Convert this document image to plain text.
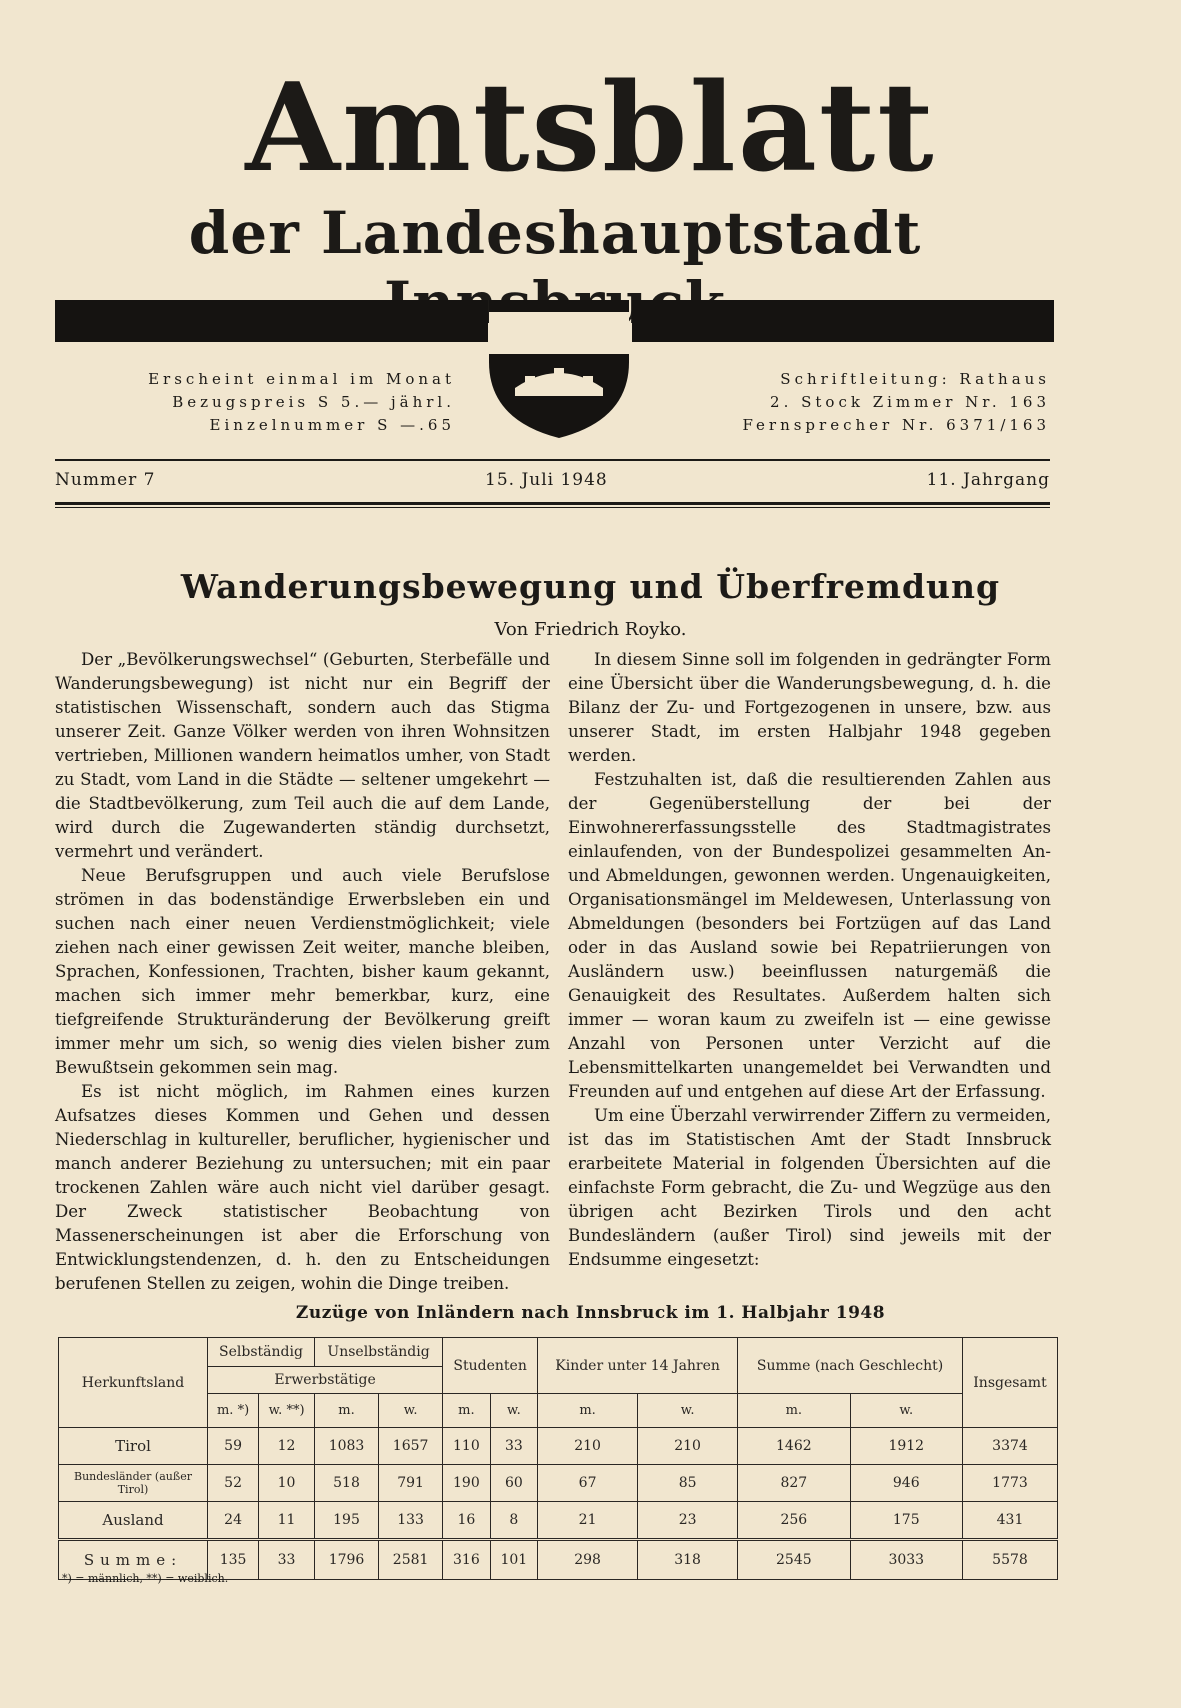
Amtsblatt
der Landeshauptstadt
Erscheint einmal im Monat
Bezugspreis S 5.— jährl.
Einzelnummer S —.65
Schriftleitung: Rathaus
2. Stock Zimmer Nr. 163
Fernsprecher Nr. 6371/163
Nummer 7	15. Juli 1948	11. Jahrgang
Wanderungsbewegung und Überfremdung
Von Friedrich Royko.

Der „Bevölkerungswechsel“ (Geburten, Sterbefälle und Wanderungsbewegung) ist nicht nur ein Begriff der statistischen Wissenschaft, sondern auch das Stigma unserer Zeit. Ganze Völker werden von ihren Wohnsitzen vertrieben, Millionen wandern heimatlos umher, von Stadt zu Stadt, vom Land in die Städte — seltener umgekehrt — die Stadtbevölkerung, zum Teil auch die auf dem Lande, wird durch die Zugewanderten ständig durchsetzt, vermehrt und verändert.

Neue Berufsgruppen und auch viele Berufslose strömen in das bodenständige Erwerbsleben ein und suchen nach einer neuen Verdienstmöglichkeit; viele ziehen nach einer gewissen Zeit weiter, manche bleiben, Sprachen, Konfessionen, Trachten, bisher kaum gekannt, machen sich immer mehr bemerkbar, kurz, eine tiefgreifende Strukturänderung der Bevölkerung greift immer mehr um sich, so wenig dies vielen bisher zum Bewußtsein gekommen sein mag.

Es ist nicht möglich, im Rahmen eines kurzen Aufsatzes dieses Kommen und Gehen und dessen Niederschlag in kultureller, beruflicher, hygienischer und manch anderer Beziehung zu untersuchen; mit ein paar trockenen Zahlen wäre auch nicht viel darüber gesagt. Der Zweck statistischer Beobachtung von Massenerscheinungen ist aber die Erforschung von Entwicklungstendenzen, d. h. den zu Entscheidungen berufenen Stellen zu zeigen, wohin die Dinge treiben.

In diesem Sinne soll im folgenden in gedrängter Form eine Übersicht über die Wanderungsbewegung, d. h. die Bilanz der Zu- und Fortgezogenen in unsere, bzw. aus unserer Stadt, im ersten Halbjahr 1948 gegeben werden.

Festzuhalten ist, daß die resultierenden Zahlen aus der Gegenüberstellung der bei der Einwohnererfassungsstelle des Stadtmagistrates einlaufenden, von der Bundespolizei gesammelten An- und Abmeldungen, gewonnen werden. Ungenauigkeiten, Organisationsmängel im Meldewesen, Unterlassung von Abmeldungen (besonders bei Fortzügen auf das Land oder in das Ausland sowie bei Repatriierungen von Ausländern usw.) beeinflussen naturgemäß die Genauigkeit des Resultates. Außerdem halten sich immer — woran kaum zu zweifeln ist — eine gewisse Anzahl von Personen unter Verzicht auf die Lebensmittelkarten unangemeldet bei Verwandten und Freunden auf und entgehen auf diese Art der Erfassung.

Um eine Überzahl verwirrender Ziffern zu vermeiden, ist das im Statistischen Amt der Stadt Innsbruck erarbeitete Material in folgenden Übersichten auf die einfachste Form gebracht, die Zu- und Wegzüge aus den übrigen acht Bezirken Tirols und den acht Bundesländern (außer Tirol) sind jeweils mit der Endsumme eingesetzt:

Zuzüge von Inländern nach Innsbruck im 1. Halbjahr 1948
Herkunftsland	Selbständig		Unselbständig		Studenten		Kinder unter 14 Jahren		Summe (nach Geschlecht)		Insgesamt
	Erwerbstätige										
	m. *)	w. **)	m.	w.	m.	w.	m.	w.	m.	w.	
Tirol	59	12	1083	1657	110	33	210	210	1462	1912	3374
Bundesländer (außer Tirol)	52	10	518	791	190	60	67	85	827	946	1773
Ausland	24	11	195	133	16	8	21	23	256	175	431
Summe:	135	33	1796	2581	316	101	298	318	2545	3033	5578
*) = männlich, **) = weiblich.
